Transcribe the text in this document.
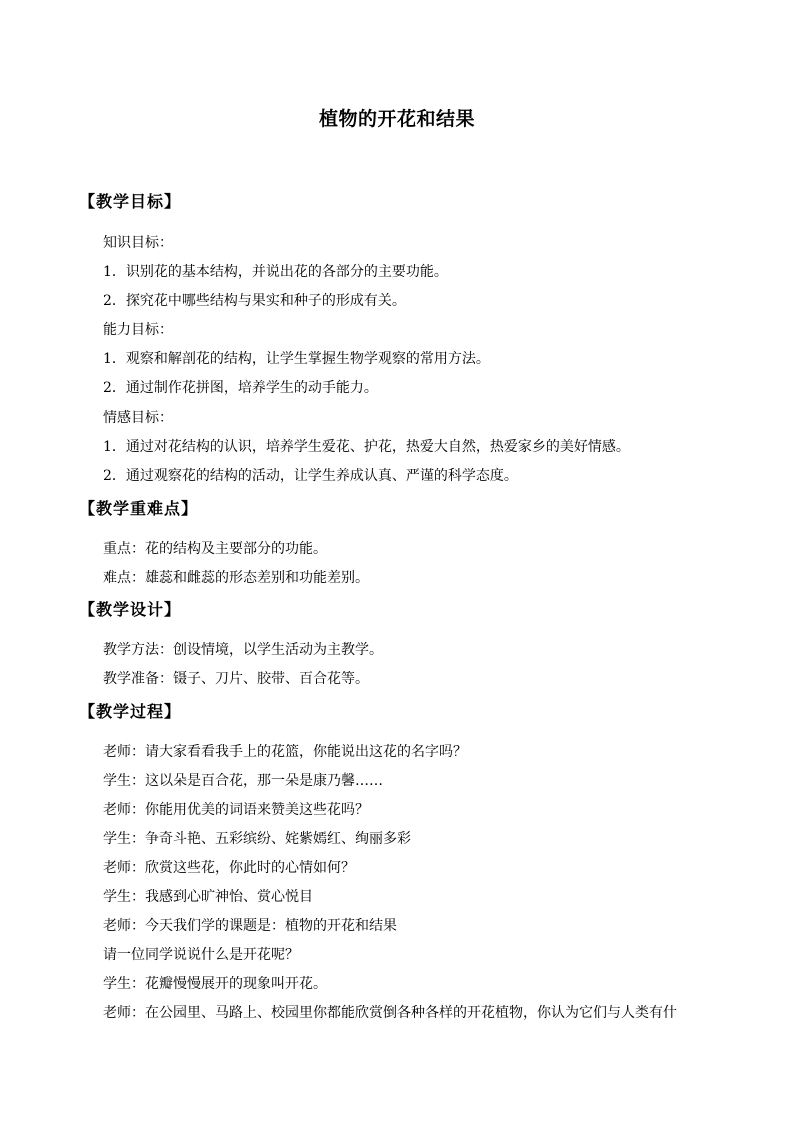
植物的开花和结果
【教学目标】
知识目标：
1．识别花的基本结构，并说出花的各部分的主要功能。
2．探究花中哪些结构与果实和种子的形成有关。
能力目标：
1．观察和解剖花的结构，让学生掌握生物学观察的常用方法。
2．通过制作花拼图，培养学生的动手能力。
情感目标：
1．通过对花结构的认识，培养学生爱花、护花，热爱大自然，热爱家乡的美好情感。
2．通过观察花的结构的活动，让学生养成认真、严谨的科学态度。
【教学重难点】
重点：花的结构及主要部分的功能。
难点：雄蕊和雌蕊的形态差别和功能差别。
【教学设计】
教学方法：创设情境，以学生活动为主教学。
教学准备：镊子、刀片、胶带、百合花等。
【教学过程】
老师：请大家看看我手上的花篮，你能说出这花的名字吗？
学生：这以朵是百合花，那一朵是康乃馨……
老师：你能用优美的词语来赞美这些花吗？
学生：争奇斗艳、五彩缤纷、姹紫嫣红、绚丽多彩
老师：欣赏这些花，你此时的心情如何？
学生：我感到心旷神怡、赏心悦目
老师：今天我们学的课题是：植物的开花和结果
请一位同学说说什么是开花呢？
学生：花瓣慢慢展开的现象叫开花。
老师：在公园里、马路上、校园里你都能欣赏倒各种各样的开花植物，你认为它们与人类有什
